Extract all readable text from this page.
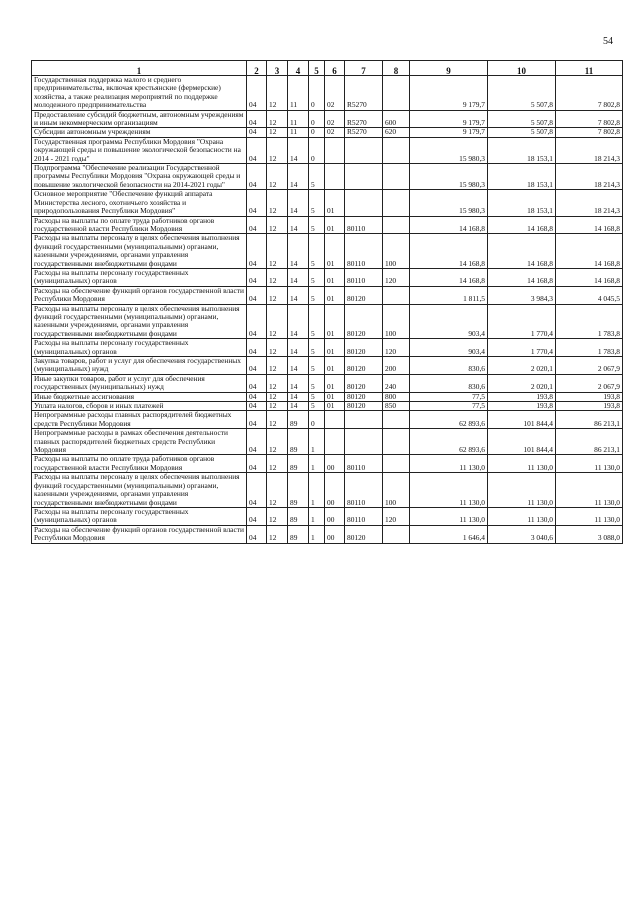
54
1	2	3	4	5	6	7	8	9	10	11
Государственная поддержка малого и среднего предпринимательства, включая крестьянские (фермерские) хозяйства, а также реализация мероприятий по поддержке молодежного предпринимательства	04	12	11	0	02	R5270		9 179,7	5 507,8	7 802,8
Предоставление субсидий бюджетным, автономным учреждениям и иным некоммерческим организациям	04	12	11	0	02	R5270	600	9 179,7	5 507,8	7 802,8
Субсидии автономным учреждениям	04	12	11	0	02	R5270	620	9 179,7	5 507,8	7 802,8
Государственная программа Республики Мордовия "Охрана окружающей среды и повышение экологической безопасности на 2014 - 2021 годы"	04	12	14	0				15 980,3	18 153,1	18 214,3
Подпрограмма "Обеспечение реализации Государственной программы Республики Мордовия "Охрана окружающей среды и повышение экологической безопасности на 2014-2021 годы"	04	12	14	5				15 980,3	18 153,1	18 214,3
Основное мероприятие "Обеспечение функций аппарата Министерства лесного, охотничьего хозяйства и природопользования Республики Мордовия"	04	12	14	5	01			15 980,3	18 153,1	18 214,3
Расходы на выплаты по оплате труда работников органов государственной власти Республики Мордовия	04	12	14	5	01	80110		14 168,8	14 168,8	14 168,8
Расходы на выплаты персоналу в целях обеспечения выполнения функций государственными (муниципальными) органами, казенными учреждениями, органами управления государственными внебюджетными фондами	04	12	14	5	01	80110	100	14 168,8	14 168,8	14 168,8
Расходы на выплаты персоналу государственных (муниципальных) органов	04	12	14	5	01	80110	120	14 168,8	14 168,8	14 168,8
Расходы на обеспечение функций органов государственной власти Республики Мордовия	04	12	14	5	01	80120		1 811,5	3 984,3	4 045,5
Расходы на выплаты персоналу в целях обеспечения выполнения функций государственными (муниципальными) органами, казенными учреждениями, органами управления государственными внебюджетными фондами	04	12	14	5	01	80120	100	903,4	1 770,4	1 783,8
Расходы на выплаты персоналу государственных (муниципальных) органов	04	12	14	5	01	80120	120	903,4	1 770,4	1 783,8
Закупка товаров, работ и услуг для обеспечения государственных (муниципальных) нужд	04	12	14	5	01	80120	200	830,6	2 020,1	2 067,9
Иные закупки товаров, работ и услуг для обеспечения государственных (муниципальных) нужд	04	12	14	5	01	80120	240	830,6	2 020,1	2 067,9
Иные бюджетные ассигнования	04	12	14	5	01	80120	800	77,5	193,8	193,8
Уплата налогов, сборов и иных платежей	04	12	14	5	01	80120	850	77,5	193,8	193,8
Непрограммные расходы главных распорядителей бюджетных средств Республики Мордовия	04	12	89	0				62 893,6	101 844,4	86 213,1
Непрограммные расходы в рамках обеспечения деятельности главных распорядителей бюджетных средств Республики Мордовия	04	12	89	1				62 893,6	101 844,4	86 213,1
Расходы на выплаты по оплате труда работников органов государственной власти Республики Мордовия	04	12	89	1	00	80110		11 130,0	11 130,0	11 130,0
Расходы на выплаты персоналу в целях обеспечения выполнения функций государственными (муниципальными) органами, казенными учреждениями, органами управления государственными внебюджетными фондами	04	12	89	1	00	80110	100	11 130,0	11 130,0	11 130,0
Расходы на выплаты персоналу государственных (муниципальных) органов	04	12	89	1	00	80110	120	11 130,0	11 130,0	11 130,0
Расходы на обеспечение функций органов государственной власти Республики Мордовия	04	12	89	1	00	80120		1 646,4	3 040,6	3 088,0
